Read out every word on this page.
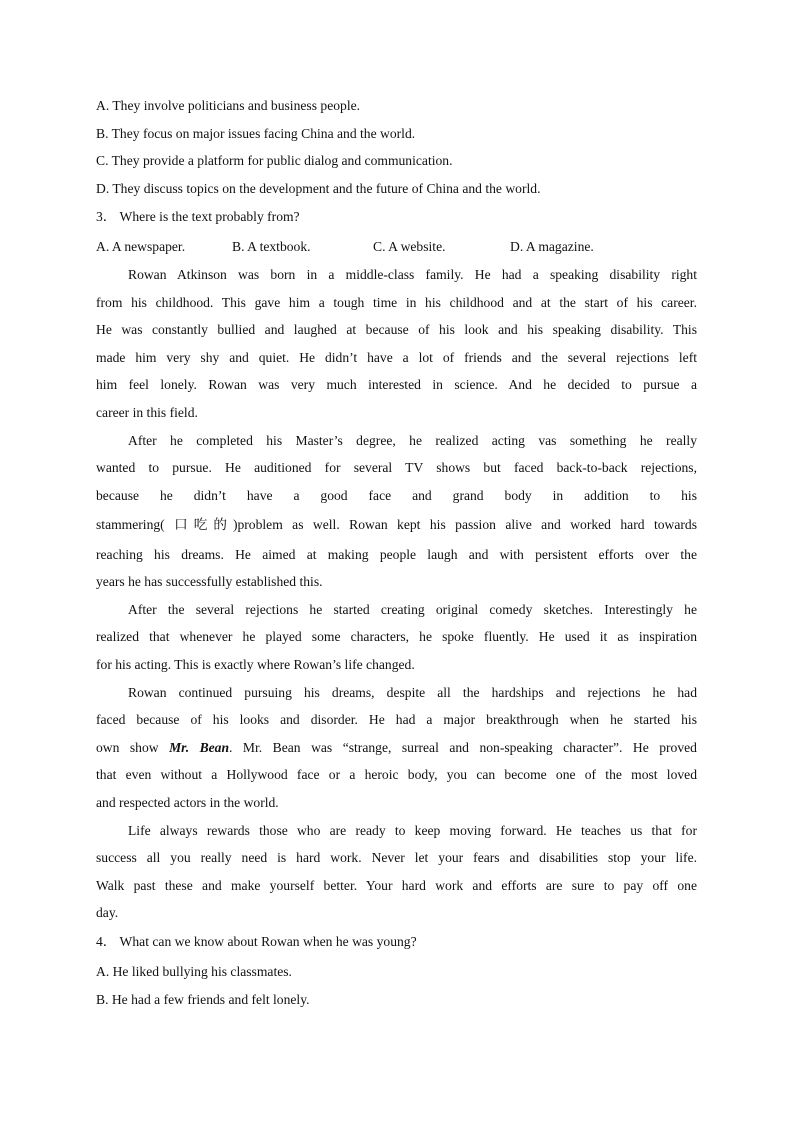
A. They involve politicians and business people.
B. They focus on major issues facing China and the world.
C. They provide a platform for public dialog and communication.
D. They discuss topics on the development and the future of China and the world.
3． Where is the text probably from?
A. A newspaper.	B. A textbook.	C. A website.	D. A magazine.
Rowan Atkinson was born in a middle-class family. He had a speaking disability right
from his childhood. This gave him a tough time in his childhood and at the start of his career.
He was constantly bullied and laughed at because of his look and his speaking disability. This
made him very shy and quiet. He didn’t have a lot of friends and the several rejections left
him feel lonely. Rowan was very much interested in science. And he decided to pursue a
career in this field.
After he completed his Master’s degree, he realized acting vas something he really
wanted to pursue. He auditioned for several TV shows but faced back-to-back rejections,
because he didn’t have a good face and grand body in addition to his
stammering( 口吃的)problem as well. Rowan kept his passion alive and worked hard towards
reaching his dreams. He aimed at making people laugh and with persistent efforts over the
years he has successfully established this.
After the several rejections he started creating original comedy sketches. Interestingly he
realized that whenever he played some characters, he spoke fluently. He used it as inspiration
for his acting. This is exactly where Rowan’s life changed.
Rowan continued pursuing his dreams, despite all the hardships and rejections he had
faced because of his looks and disorder. He had a major breakthrough when he started his
own show Mr. Bean. Mr. Bean was “strange, surreal and non-speaking character”. He proved
that even without a Hollywood face or a heroic body, you can become one of the most loved
and respected actors in the world.
Life always rewards those who are ready to keep moving forward. He teaches us that for
success all you really need is hard work. Never let your fears and disabilities stop your life.
Walk past these and make yourself better. Your hard work and efforts are sure to pay off one
day.
4． What can we know about Rowan when he was young?
A. He liked bullying his classmates.
B. He had a few friends and felt lonely.
